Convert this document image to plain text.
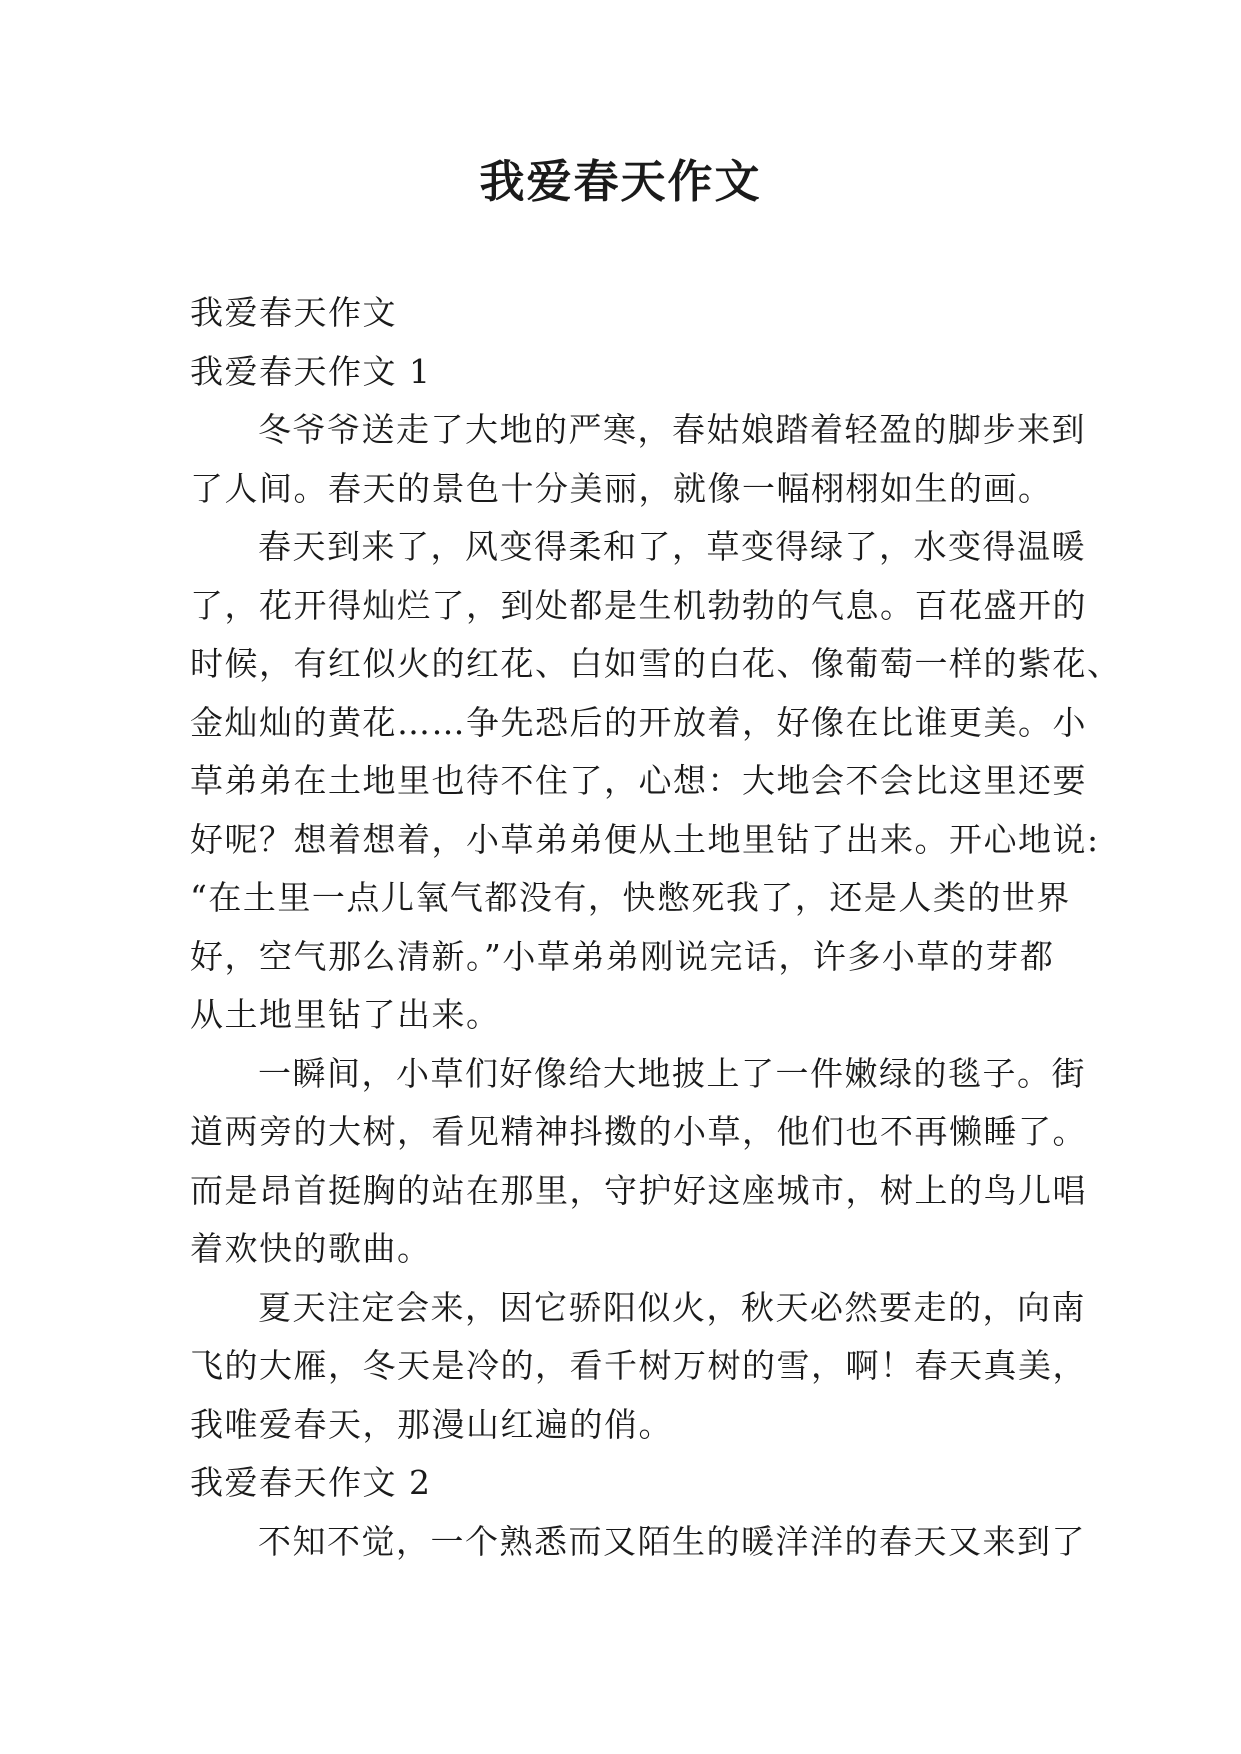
我爱春天作文

我爱春天作文

我爱春天作文 1

冬爷爷送走了大地的严寒，春姑娘踏着轻盈的脚步来到

了人间。春天的景色十分美丽，就像一幅栩栩如生的画。

春天到来了，风变得柔和了，草变得绿了，水变得温暖

了，花开得灿烂了，到处都是生机勃勃的气息。百花盛开的

时候，有红似火的红花、白如雪的白花、像葡萄一样的紫花、

金灿灿的黄花……争先恐后的开放着，好像在比谁更美。小

草弟弟在土地里也待不住了，心想：大地会不会比这里还要

好呢？想着想着，小草弟弟便从土地里钻了出来。开心地说:

“在土里一点儿氧气都没有，快憋死我了，还是人类的世界

好，空气那么清新。”小草弟弟刚说完话，许多小草的芽都

从土地里钻了出来。

一瞬间，小草们好像给大地披上了一件嫩绿的毯子。街

道两旁的大树，看见精神抖擞的小草，他们也不再懒睡了。

而是昂首挺胸的站在那里，守护好这座城市，树上的鸟儿唱

着欢快的歌曲。

夏天注定会来，因它骄阳似火，秋天必然要走的，向南

飞的大雁，冬天是冷的，看千树万树的雪，啊！春天真美，

我唯爱春天，那漫山红遍的俏。

我爱春天作文 2

不知不觉，一个熟悉而又陌生的暖洋洋的春天又来到了
